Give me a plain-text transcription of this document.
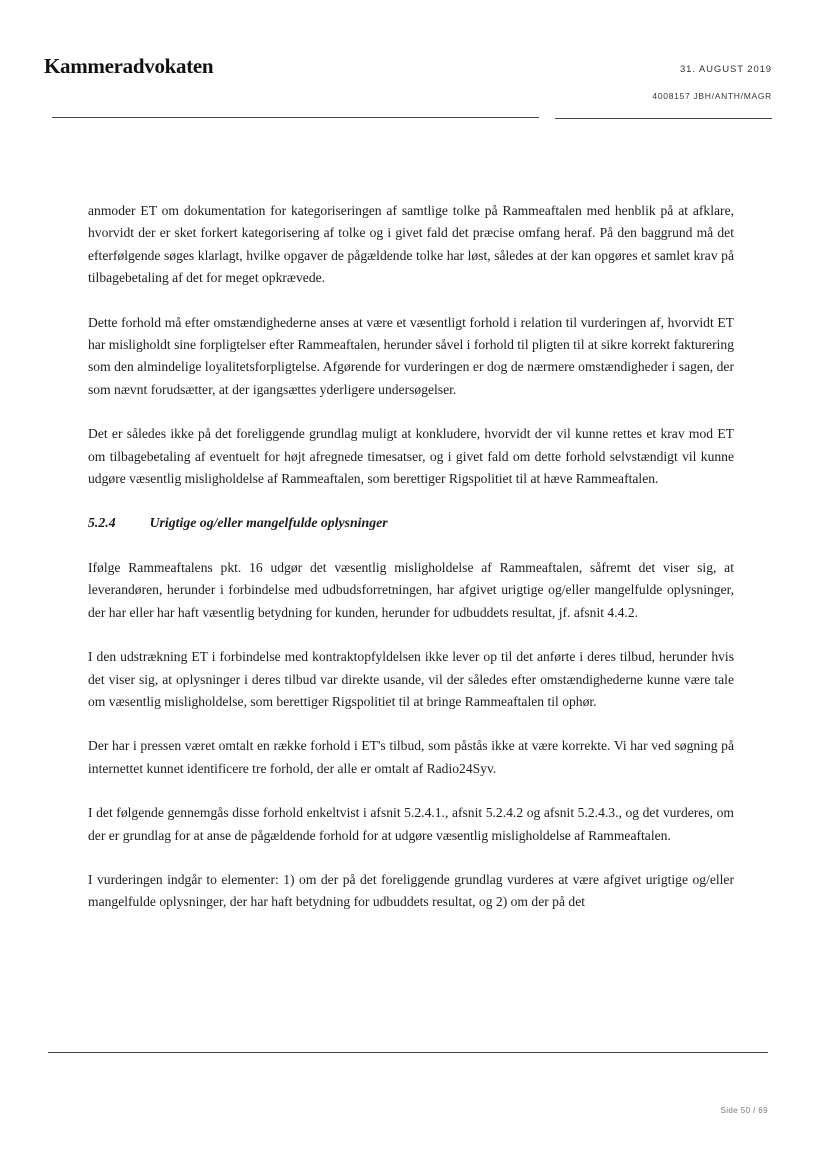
Kammeradvokaten	31. AUGUST 2019
4008157 JBH/ANTH/MAGR

anmoder ET om dokumentation for kategoriseringen af samtlige tolke på Rammeaftalen med henblik på at afklare, hvorvidt der er sket forkert kategorisering af tolke og i givet fald det præcise omfang heraf. På den baggrund må det efterfølgende søges klarlagt, hvilke opgaver de pågældende tolke har løst, således at der kan opgøres et samlet krav på tilbagebetaling af det for meget opkrævede.

Dette forhold må efter omstændighederne anses at være et væsentligt forhold i relation til vurderingen af, hvorvidt ET har misligholdt sine forpligtelser efter Rammeaftalen, herunder såvel i forhold til pligten til at sikre korrekt fakturering som den almindelige loyalitetsforpligtelse. Afgørende for vurderingen er dog de nærmere omstændigheder i sagen, der som nævnt forudsætter, at der igangsættes yderligere undersøgelser.

Det er således ikke på det foreliggende grundlag muligt at konkludere, hvorvidt der vil kunne rettes et krav mod ET om tilbagebetaling af eventuelt for højt afregnede timesatser, og i givet fald om dette forhold selvstændigt vil kunne udgøre væsentlig misligholdelse af Rammeaftalen, som berettiger Rigspolitiet til at hæve Rammeaftalen.

5.2.4 Urigtige og/eller mangelfulde oplysninger

Ifølge Rammeaftalens pkt. 16 udgør det væsentlig misligholdelse af Rammeaftalen, såfremt det viser sig, at leverandøren, herunder i forbindelse med udbudsforretningen, har afgivet urigtige og/eller mangelfulde oplysninger, der har eller har haft væsentlig betydning for kunden, herunder for udbuddets resultat, jf. afsnit 4.4.2.

I den udstrækning ET i forbindelse med kontraktopfyldelsen ikke lever op til det anførte i deres tilbud, herunder hvis det viser sig, at oplysninger i deres tilbud var direkte usande, vil der således efter omstændighederne kunne være tale om væsentlig misligholdelse, som berettiger Rigspolitiet til at bringe Rammeaftalen til ophør.

Der har i pressen været omtalt en række forhold i ET's tilbud, som påstås ikke at være korrekte. Vi har ved søgning på internettet kunnet identificere tre forhold, der alle er omtalt af Radio24Syv.

I det følgende gennemgås disse forhold enkeltvist i afsnit 5.2.4.1., afsnit 5.2.4.2 og afsnit 5.2.4.3., og det vurderes, om der er grundlag for at anse de pågældende forhold for at udgøre væsentlig misligholdelse af Rammeaftalen.

I vurderingen indgår to elementer: 1) om der på det foreliggende grundlag vurderes at være afgivet urigtige og/eller mangelfulde oplysninger, der har haft betydning for udbuddets resultat, og 2) om der på det

Side 50 / 69
